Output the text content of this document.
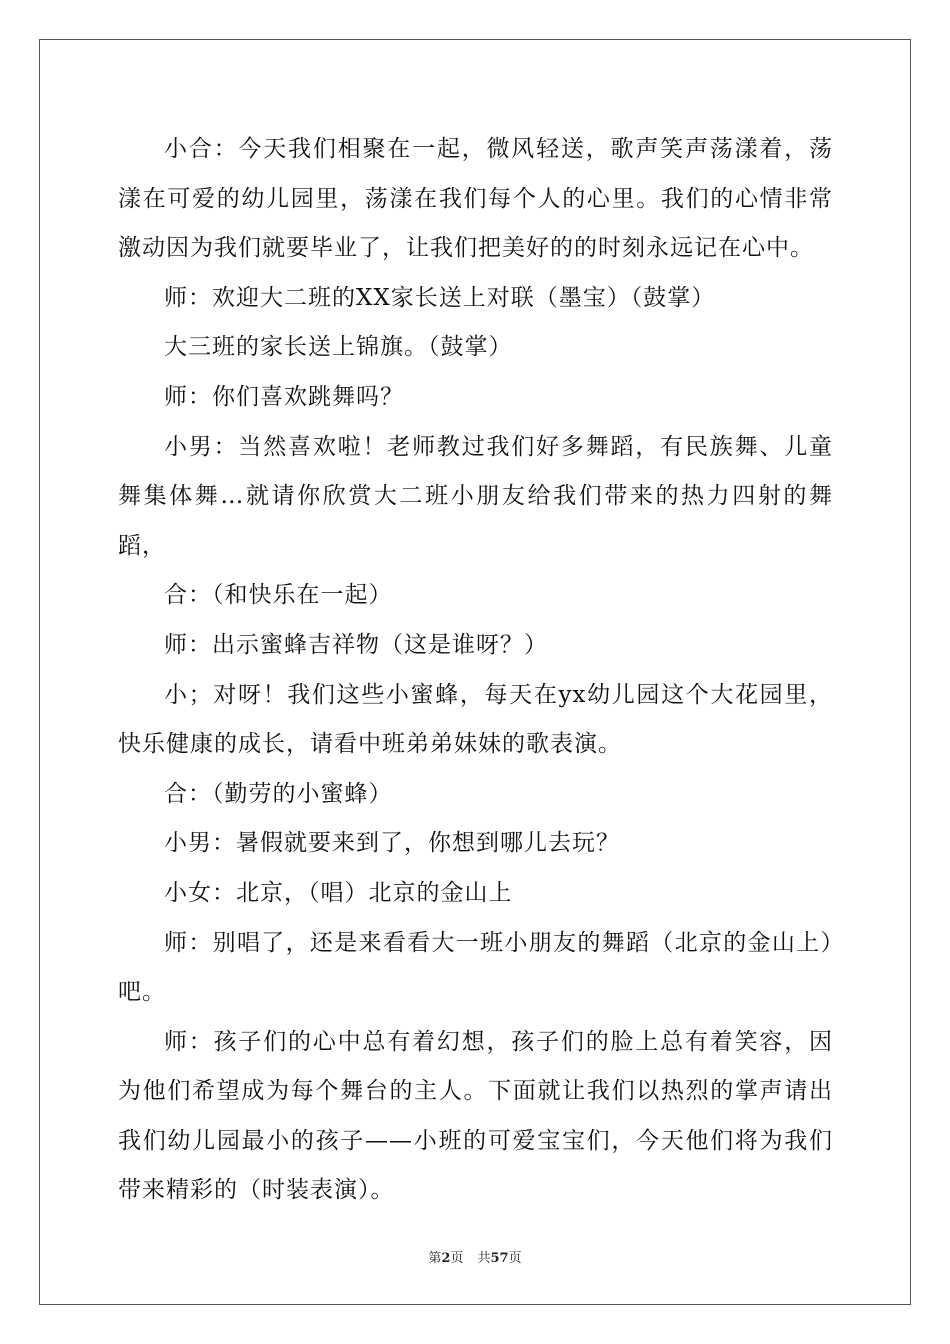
小合：今天我们相聚在一起，微风轻送，歌声笑声荡漾着，荡漾在可爱的幼儿园里，荡漾在我们每个人的心里。我们的心情非常激动因为我们就要毕业了，让我们把美好的的时刻永远记在心中。

师：欢迎大二班的XX家长送上对联（墨宝）（鼓掌）

大三班的家长送上锦旗。（鼓掌）

师：你们喜欢跳舞吗？

小男：当然喜欢啦！老师教过我们好多舞蹈，有民族舞、儿童舞集体舞…就请你欣赏大二班小朋友给我们带来的热力四射的舞蹈，

合：（和快乐在一起）

师：出示蜜蜂吉祥物（这是谁呀？）

小；对呀！我们这些小蜜蜂，每天在yx幼儿园这个大花园里，快乐健康的成长，请看中班弟弟妹妹的歌表演。

合：（勤劳的小蜜蜂）

小男：暑假就要来到了，你想到哪儿去玩？

小女：北京，（唱）北京的金山上

师：别唱了，还是来看看大一班小朋友的舞蹈（北京的金山上）吧。

师：孩子们的心中总有着幻想，孩子们的脸上总有着笑容，因为他们希望成为每个舞台的主人。下面就让我们以热烈的掌声请出我们幼儿园最小的孩子——小班的可爱宝宝们，今天他们将为我们带来精彩的（时装表演）。

第2页 共57页
